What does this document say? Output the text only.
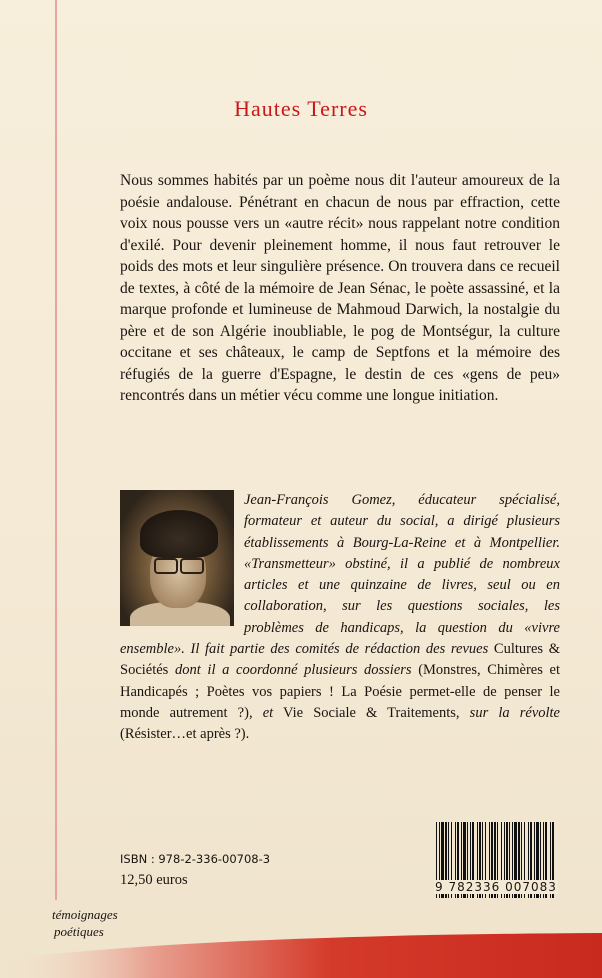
Hautes Terres

Nous sommes habités par un poème nous dit l'auteur amoureux de la poésie andalouse. Pénétrant en chacun de nous par effraction, cette voix nous pousse vers un «autre récit» nous rappelant notre condition d'exilé. Pour devenir pleinement homme, il nous faut retrouver le poids des mots et leur singulière présence. On trouvera dans ce recueil de textes, à côté de la mémoire de Jean Sénac, le poète assassiné, et la marque profonde et lumineuse de Mahmoud Darwich, la nostalgie du père et de son Algérie inoubliable, le pog de Montségur, la culture occitane et ses châteaux, le camp de Septfons et la mémoire des réfugiés de la guerre d'Espagne, le destin de ces «gens de peu» rencontrés dans un métier vécu comme une longue initiation.

Jean-François Gomez, éducateur spécialisé, formateur et auteur du social, a dirigé plusieurs établissements à Bourg-La-Reine et à Montpellier. «Transmetteur» obstiné, il a publié de nombreux articles et une quinzaine de livres, seul ou en collaboration, sur les questions sociales, les problèmes de handicaps, la question du «vivre ensemble». Il fait partie des comités de rédaction des revues Cultures & Sociétés dont il a coordonné plusieurs dossiers (Monstres, Chimères et Handicapés ; Poètes vos papiers ! La Poésie permet-elle de penser le monde autrement ?), et Vie Sociale & Traitements, sur la révolte (Résister…et après ?).
ISBN : 978-2-336-00708-3
12,50 euros	9 782336 007083
témoignages
poétiques
